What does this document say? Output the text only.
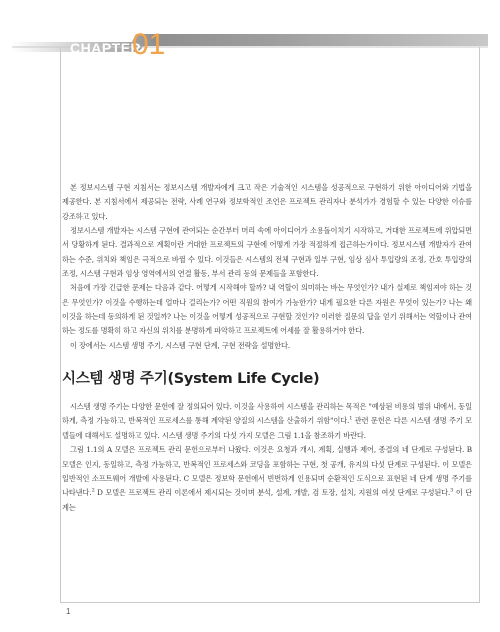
CHAPTER
01

본 정보시스템 구현 지침서는 정보시스템 개발자에게 크고 작은 기술적인 시스템을 성공적으로 구현하기 위한 아이디어와 기법을 제공한다. 본 지침서에서 제공되는 전략, 사례 연구와 정보학적인 조언은 프로젝트 관리자나 분석가가 경험할 수 있는 다양한 이슈를 강조하고 있다.

정보시스템 개발자는 시스템 구현에 관여되는 순간부터 머리 속에 아이디어가 소용돌이치기 시작하고, 거대한 프로젝트에 위압되면서 당황하게 된다. 결과적으로 계획이란 거대한 프로젝트의 구현에 어떻게 가장 적절하게 접근하는가이다. 정보시스템 개발자가 관여하는 수준, 위치와 책임은 극적으로 바뀔 수 있다. 이것들은 시스템의 전체 구현과 일부 구현, 임상 심사 투입량의 조정, 간호 투입량의 조정, 시스템 구현과 임상 영역에서의 연결 활동, 부서 관리 등의 문제들을 포함한다.

처음에 가장 긴급한 문제는 다음과 같다. 어떻게 시작해야 할까? 내 역할이 의미하는 바는 무엇인가? 내가 실제로 책임져야 하는 것은 무엇인가? 이것을 수행하는데 얼마나 걸리는가? 어떤 직원의 참여가 가능한가? 내게 필요한 다른 자원은 무엇이 있는가? 나는 왜 이것을 하는데 동의하게 된 것일까? 나는 이것을 어떻게 성공적으로 구현할 것인가? 이러한 질문의 답을 얻기 위해서는 역할이나 관여하는 정도를 명확히 하고 자신의 위치를 분명하게 파악하고 프로젝트에 어세를 잘 활용하거야 한다.

이 장에서는 시스템 생명 주기, 시스템 구현 단계, 구현 전략을 설명한다.

시스템 생명 주기(System Life Cycle)

시스템 생명 주기는 다양한 문헌에 잘 정의되어 있다. 이것을 사용하여 시스템을 관리하는 목적은 "예상된 비용의 범위 내에서, 동일하게, 측정 가능하고, 반복적인 프로세스를 통해 계약된 양질의 시스템을 산출하기 위함"이다.$^1$ 관련 문헌은 다른 시스템 생명 주기 모델들에 대해서도 설명하고 있다. 시스템 생명 주기의 다섯 가지 모델은 그림 1.1을 참조하기 바란다.

그림 1.1의 A 모델은 프로젝트 관리 문헌으로부터 나왔다. 이것은 요청과 개시, 계획, 실행과 제어, 종결의 네 단계로 구성된다. B 모델은 인지, 동일하고, 측정 가능하고, 반복적인 프로세스와 코딩을 포함하는 구현, 첫 공개, 유지의 다섯 단계로 구성된다. 이 모델은 일반적인 소프트웨어 개발에 사용된다. C 모델은 정보학 문헌에서 빈번하게 인용되며 순환적인 도식으로 표현된 네 단계 생명 주기를 나타낸다.$^2$ D 모델은 프로젝트 관리 이론에서 제시되는 것이며 분석, 설계, 개발, 검 토장, 설치, 지원의 여섯 단계로 구성된다.$^3$ 이 단계는

1
